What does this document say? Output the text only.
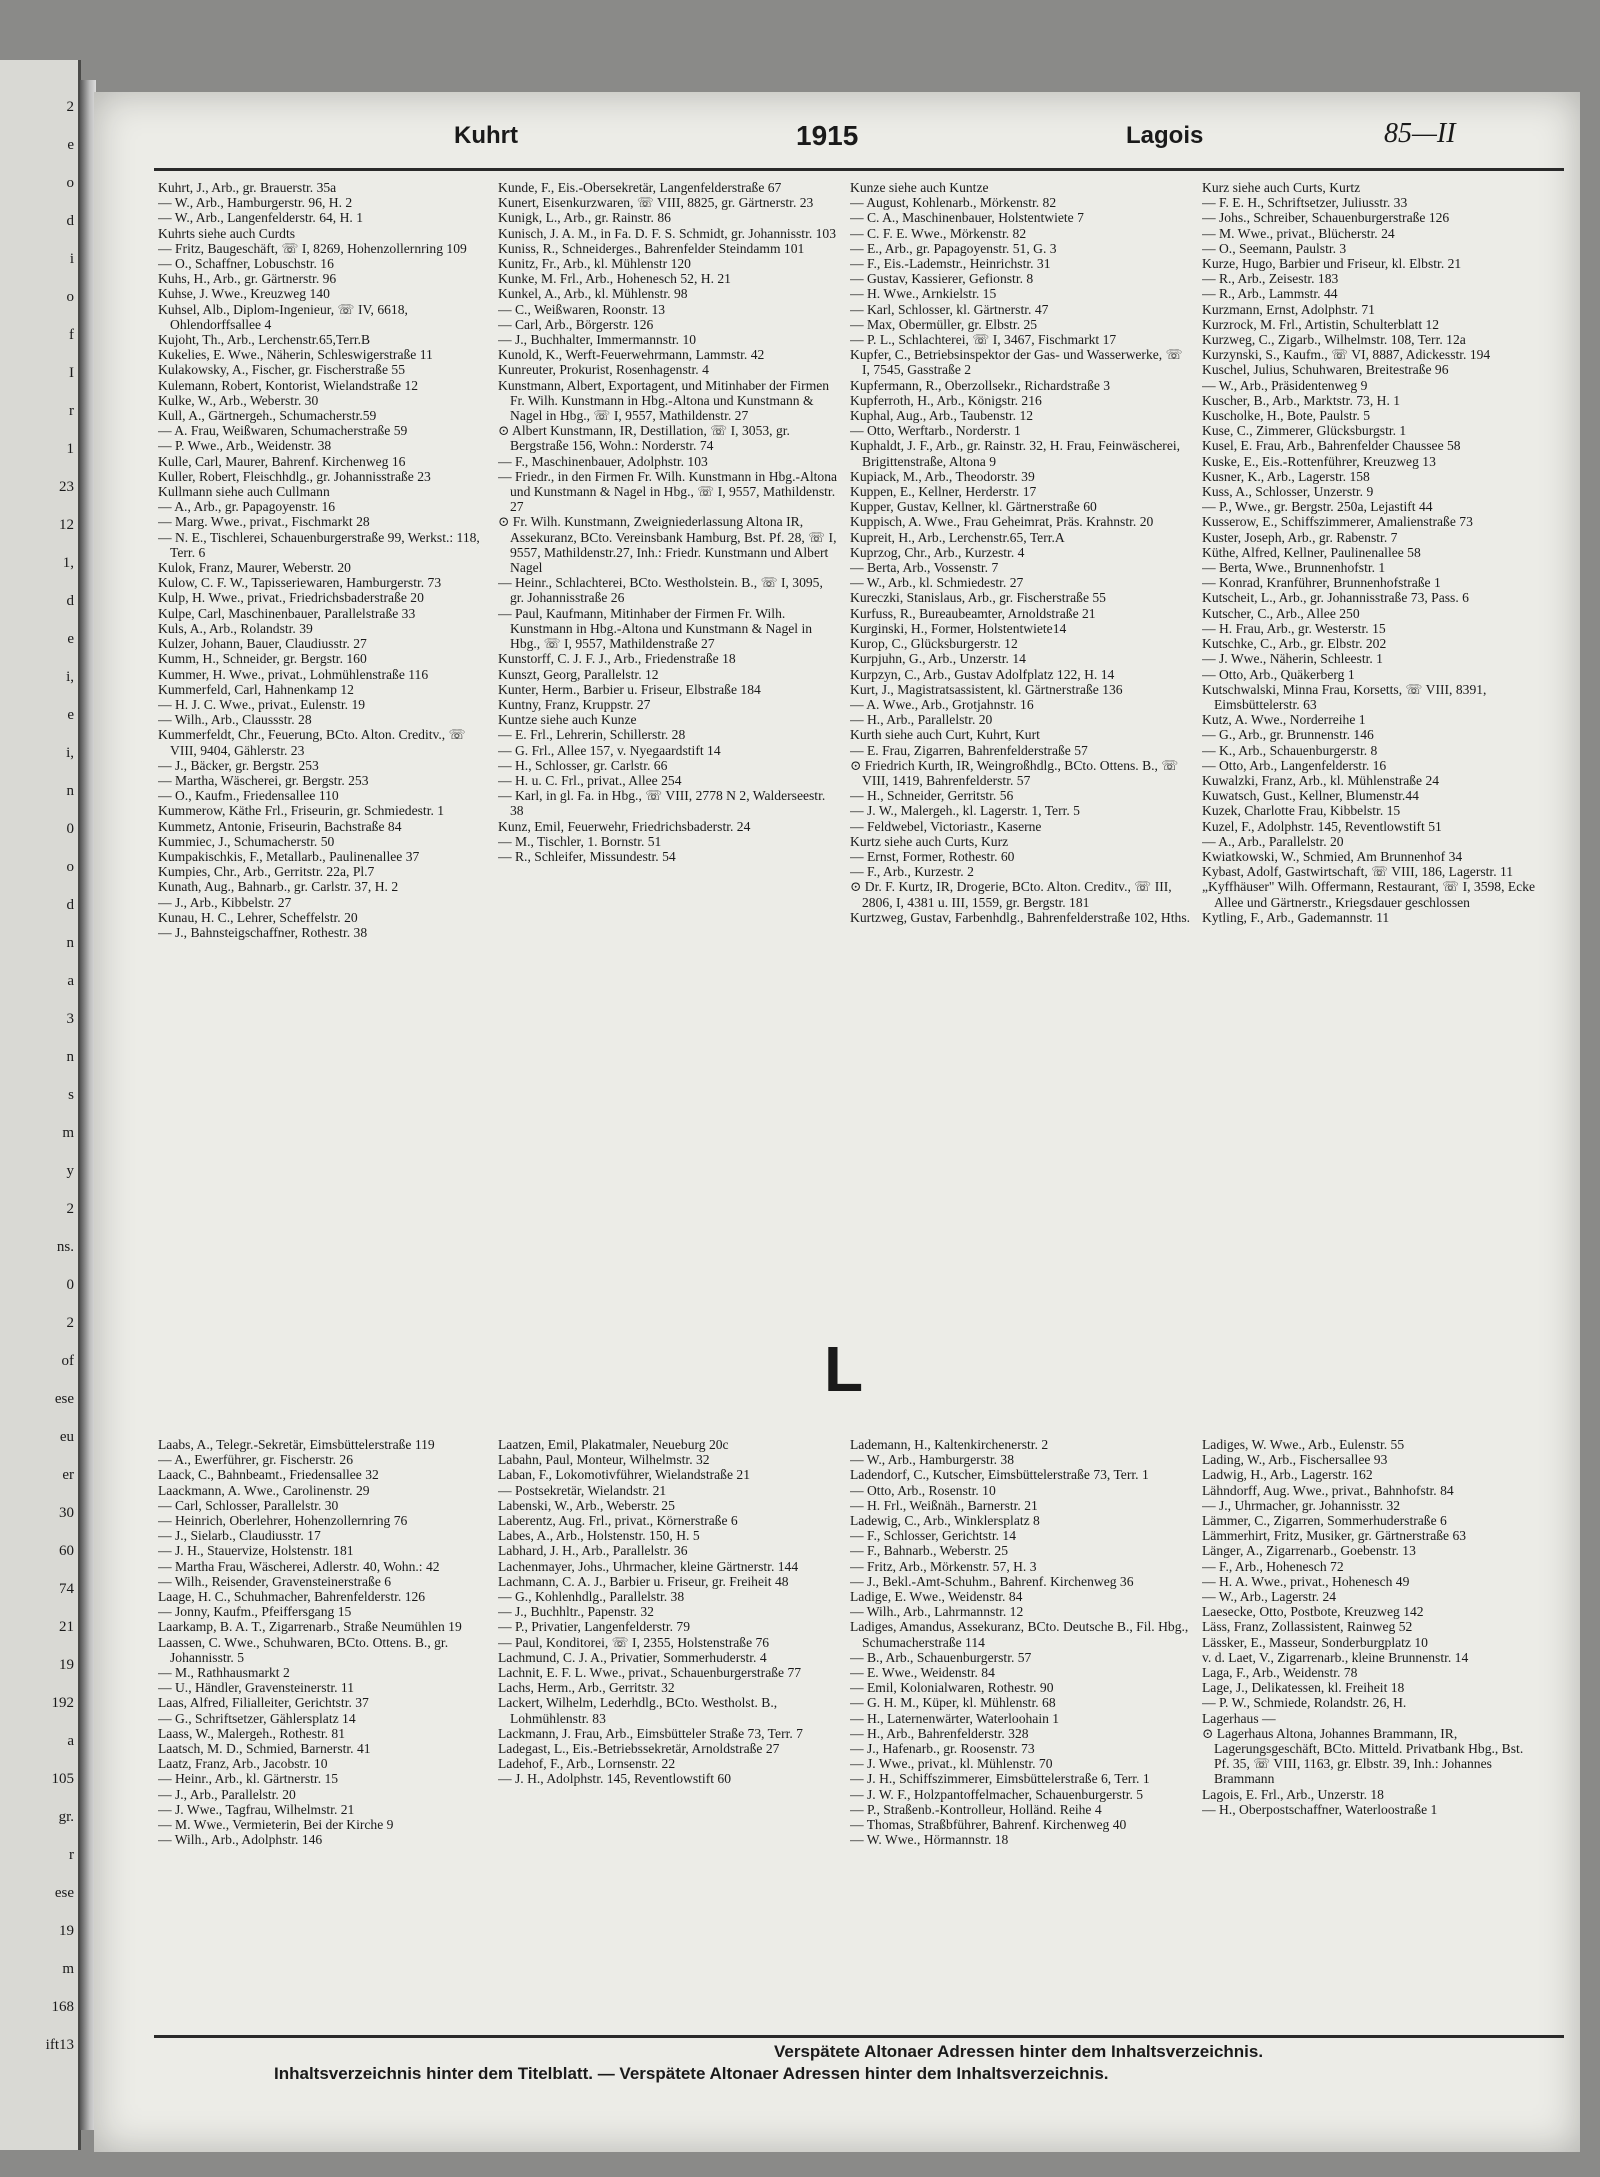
2
e
o
d
i
o
f
I
r
1
23
12
1,
d
e
i,
e
i,
n
0
o
d
n
a
3
n
s
m
y
2
ns.
0
2
of
ese
eu
er
30
60
74
21
19
192
a
105
gr.
r
ese
19
m
168
ift13
Kuhrt	1915	Lagois	85—II
Kuhrt, J., Arb., gr. Brauerstr. 35a
— W., Arb., Hamburgerstr. 96, H. 2
— W., Arb., Langenfelderstr. 64, H. 1
Kuhrts siehe auch Curdts
— Fritz, Baugeschäft, ☏ I, 8269, Hohenzollernring 109
— O., Schaffner, Lobuschstr. 16
Kuhs, H., Arb., gr. Gärtnerstr. 96
Kuhse, J. Wwe., Kreuzweg 140
Kuhsel, Alb., Diplom-Ingenieur, ☏ IV, 6618, Ohlendorffsallee 4
Kujoht, Th., Arb., Lerchenstr.65,Terr.B
Kukelies, E. Wwe., Näherin, Schleswigerstraße 11
Kulakowsky, A., Fischer, gr. Fischerstraße 55
Kulemann, Robert, Kontorist, Wielandstraße 12
Kulke, W., Arb., Weberstr. 30
Kull, A., Gärtnergeh., Schumacherstr.59
— A. Frau, Weißwaren, Schumacherstraße 59
— P. Wwe., Arb., Weidenstr. 38
Kulle, Carl, Maurer, Bahrenf. Kirchenweg 16
Kuller, Robert, Fleischhdlg., gr. Johannisstraße 23
Kullmann siehe auch Cullmann
— A., Arb., gr. Papagoyenstr. 16
— Marg. Wwe., privat., Fischmarkt 28
— N. E., Tischlerei, Schauenburgerstraße 99, Werkst.: 118, Terr. 6
Kulok, Franz, Maurer, Weberstr. 20
Kulow, C. F. W., Tapisseriewaren, Hamburgerstr. 73
Kulp, H. Wwe., privat., Friedrichsbaderstraße 20
Kulpe, Carl, Maschinenbauer, Parallelstraße 33
Kuls, A., Arb., Rolandstr. 39
Kulzer, Johann, Bauer, Claudiusstr. 27
Kumm, H., Schneider, gr. Bergstr. 160
Kummer, H. Wwe., privat., Lohmühlenstraße 116
Kummerfeld, Carl, Hahnenkamp 12
— H. J. C. Wwe., privat., Eulenstr. 19
— Wilh., Arb., Claussstr. 28
Kummerfeldt, Chr., Feuerung, BCto. Alton. Creditv., ☏ VIII, 9404, Gählerstr. 23
— J., Bäcker, gr. Bergstr. 253
— Martha, Wäscherei, gr. Bergstr. 253
— O., Kaufm., Friedensallee 110
Kummerow, Käthe Frl., Friseurin, gr. Schmiedestr. 1
Kummetz, Antonie, Friseurin, Bachstraße 84
Kummiec, J., Schumacherstr. 50
Kumpakischkis, F., Metallarb., Paulinenallee 37
Kumpies, Chr., Arb., Gerritstr. 22a, Pl.7
Kunath, Aug., Bahnarb., gr. Carlstr. 37, H. 2
— J., Arb., Kibbelstr. 27
Kunau, H. C., Lehrer, Scheffelstr. 20
— J., Bahnsteigschaffner, Rothestr. 38
Kunde, F., Eis.-Obersekretär, Langenfelderstraße 67
Kunert, Eisenkurzwaren, ☏ VIII, 8825, gr. Gärtnerstr. 23
Kunigk, L., Arb., gr. Rainstr. 86
Kunisch, J. A. M., in Fa. D. F. S. Schmidt, gr. Johannisstr. 103
Kuniss, R., Schneiderges., Bahrenfelder Steindamm 101
Kunitz, Fr., Arb., kl. Mühlenstr 120
Kunke, M. Frl., Arb., Hohenesch 52, H. 21
Kunkel, A., Arb., kl. Mühlenstr. 98
— C., Weißwaren, Roonstr. 13
— Carl, Arb., Börgerstr. 126
— J., Buchhalter, Immermannstr. 10
Kunold, K., Werft-Feuerwehrmann, Lammstr. 42
Kunreuter, Prokurist, Rosenhagenstr. 4
Kunstmann, Albert, Exportagent, und Mitinhaber der Firmen Fr. Wilh. Kunstmann in Hbg.-Altona und Kunstmann & Nagel in Hbg., ☏ I, 9557, Mathildenstr. 27
⊙ Albert Kunstmann, IR, Destillation, ☏ I, 3053, gr. Bergstraße 156, Wohn.: Norderstr. 74
— F., Maschinenbauer, Adolphstr. 103
— Friedr., in den Firmen Fr. Wilh. Kunstmann in Hbg.-Altona und Kunstmann & Nagel in Hbg., ☏ I, 9557, Mathildenstr. 27
⊙ Fr. Wilh. Kunstmann, Zweigniederlassung Altona IR, Assekuranz, BCto. Vereinsbank Hamburg, Bst. Pf. 28, ☏ I, 9557, Mathildenstr.27, Inh.: Friedr. Kunstmann und Albert Nagel
— Heinr., Schlachterei, BCto. Westholstein. B., ☏ I, 3095, gr. Johannisstraße 26
— Paul, Kaufmann, Mitinhaber der Firmen Fr. Wilh. Kunstmann in Hbg.-Altona und Kunstmann & Nagel in Hbg., ☏ I, 9557, Mathildenstraße 27
Kunstorff, C. J. F. J., Arb., Friedenstraße 18
Kunszt, Georg, Parallelstr. 12
Kunter, Herm., Barbier u. Friseur, Elbstraße 184
Kuntny, Franz, Kruppstr. 27
Kuntze siehe auch Kunze
— E. Frl., Lehrerin, Schillerstr. 28
— G. Frl., Allee 157, v. Nyegaardstift 14
— H., Schlosser, gr. Carlstr. 66
— H. u. C. Frl., privat., Allee 254
— Karl, in gl. Fa. in Hbg., ☏ VIII, 2778 N 2, Walderseestr. 38
Kunz, Emil, Feuerwehr, Friedrichsbaderstr. 24
— M., Tischler, 1. Bornstr. 51
— R., Schleifer, Missundestr. 54
Kunze siehe auch Kuntze
— August, Kohlenarb., Mörkenstr. 82
— C. A., Maschinenbauer, Holstentwiete 7
— C. F. E. Wwe., Mörkenstr. 82
— E., Arb., gr. Papagoyenstr. 51, G. 3
— F., Eis.-Lademstr., Heinrichstr. 31
— Gustav, Kassierer, Gefionstr. 8
— H. Wwe., Arnkielstr. 15
— Karl, Schlosser, kl. Gärtnerstr. 47
— Max, Obermüller, gr. Elbstr. 25
— P. L., Schlachterei, ☏ I, 3467, Fischmarkt 17
Kupfer, C., Betriebsinspektor der Gas- und Wasserwerke, ☏ I, 7545, Gasstraße 2
Kupfermann, R., Oberzollsekr., Richardstraße 3
Kupferroth, H., Arb., Königstr. 216
Kuphal, Aug., Arb., Taubenstr. 12
— Otto, Werftarb., Norderstr. 1
Kuphaldt, J. F., Arb., gr. Rainstr. 32, H. Frau, Feinwäscherei, Brigittenstraße, Altona 9
Kupiack, M., Arb., Theodorstr. 39
Kuppen, E., Kellner, Herderstr. 17
Kupper, Gustav, Kellner, kl. Gärtnerstraße 60
Kuppisch, A. Wwe., Frau Geheimrat, Präs. Krahnstr. 20
Kupreit, H., Arb., Lerchenstr.65, Terr.A
Kuprzog, Chr., Arb., Kurzestr. 4
— Berta, Arb., Vossenstr. 7
— W., Arb., kl. Schmiedestr. 27
Kureczki, Stanislaus, Arb., gr. Fischerstraße 55
Kurfuss, R., Bureaubeamter, Arnoldstraße 21
Kurginski, H., Former, Holstentwiete14
Kurop, C., Glücksburgerstr. 12
Kurpjuhn, G., Arb., Unzerstr. 14
Kurpzyn, C., Arb., Gustav Adolfplatz 122, H. 14
Kurt, J., Magistratsassistent, kl. Gärtnerstraße 136
— A. Wwe., Arb., Grotjahnstr. 16
— H., Arb., Parallelstr. 20
Kurth siehe auch Curt, Kuhrt, Kurt
— E. Frau, Zigarren, Bahrenfelderstraße 57
⊙ Friedrich Kurth, IR, Weingroßhdlg., BCto. Ottens. B., ☏ VIII, 1419, Bahrenfelderstr. 57
— H., Schneider, Gerritstr. 56
— J. W., Malergeh., kl. Lagerstr. 1, Terr. 5
— Feldwebel, Victoriastr., Kaserne
Kurtz siehe auch Curts, Kurz
— Ernst, Former, Rothestr. 60
— F., Arb., Kurzestr. 2
⊙ Dr. F. Kurtz, IR, Drogerie, BCto. Alton. Creditv., ☏ III, 2806, I, 4381 u. III, 1559, gr. Bergstr. 181
Kurtzweg, Gustav, Farbenhdlg., Bahrenfelderstraße 102, Hths.
Kurz siehe auch Curts, Kurtz
— F. E. H., Schriftsetzer, Juliusstr. 33
— Johs., Schreiber, Schauenburgerstraße 126
— M. Wwe., privat., Blücherstr. 24
— O., Seemann, Paulstr. 3
Kurze, Hugo, Barbier und Friseur, kl. Elbstr. 21
— R., Arb., Zeisestr. 183
— R., Arb., Lammstr. 44
Kurzmann, Ernst, Adolphstr. 71
Kurzrock, M. Frl., Artistin, Schulterblatt 12
Kurzweg, C., Zigarb., Wilhelmstr. 108, Terr. 12a
Kurzynski, S., Kaufm., ☏ VI, 8887, Adickesstr. 194
Kuschel, Julius, Schuhwaren, Breitestraße 96
— W., Arb., Präsidentenweg 9
Kuscher, B., Arb., Marktstr. 73, H. 1
Kuscholke, H., Bote, Paulstr. 5
Kuse, C., Zimmerer, Glücksburgstr. 1
Kusel, E. Frau, Arb., Bahrenfelder Chaussee 58
Kuske, E., Eis.-Rottenführer, Kreuzweg 13
Kusner, K., Arb., Lagerstr. 158
Kuss, A., Schlosser, Unzerstr. 9
— P., Wwe., gr. Bergstr. 250a, Lejastift 44
Kusserow, E., Schiffszimmerer, Amalienstraße 73
Kuster, Joseph, Arb., gr. Rabenstr. 7
Küthe, Alfred, Kellner, Paulinenallee 58
— Berta, Wwe., Brunnenhofstr. 1
— Konrad, Kranführer, Brunnenhofstraße 1
Kutscheit, L., Arb., gr. Johannisstraße 73, Pass. 6
Kutscher, C., Arb., Allee 250
— H. Frau, Arb., gr. Westerstr. 15
Kutschke, C., Arb., gr. Elbstr. 202
— J. Wwe., Näherin, Schleestr. 1
— Otto, Arb., Quäkerberg 1
Kutschwalski, Minna Frau, Korsetts, ☏ VIII, 8391, Eimsbüttelerstr. 63
Kutz, A. Wwe., Norderreihe 1
— G., Arb., gr. Brunnenstr. 146
— K., Arb., Schauenburgerstr. 8
— Otto, Arb., Langenfelderstr. 16
Kuwalzki, Franz, Arb., kl. Mühlenstraße 24
Kuwatsch, Gust., Kellner, Blumenstr.44
Kuzek, Charlotte Frau, Kibbelstr. 15
Kuzel, F., Adolphstr. 145, Reventlowstift 51
— A., Arb., Parallelstr. 20
Kwiatkowski, W., Schmied, Am Brunnenhof 34
Kybast, Adolf, Gastwirtschaft, ☏ VIII, 186, Lagerstr. 11
„Kyffhäuser" Wilh. Offermann, Restaurant, ☏ I, 3598, Ecke Allee und Gärtnerstr., Kriegsdauer geschlossen
Kytling, F., Arb., Gademannstr. 11
L
Laabs, A., Telegr.-Sekretär, Eimsbüttelerstraße 119
— A., Ewerführer, gr. Fischerstr. 26
Laack, C., Bahnbeamt., Friedensallee 32
Laackmann, A. Wwe., Carolinenstr. 29
— Carl, Schlosser, Parallelstr. 30
— Heinrich, Oberlehrer, Hohenzollernring 76
— J., Sielarb., Claudiusstr. 17
— J. H., Stauervize, Holstenstr. 181
— Martha Frau, Wäscherei, Adlerstr. 40, Wohn.: 42
— Wilh., Reisender, Gravensteinerstraße 6
Laage, H. C., Schuhmacher, Bahrenfelderstr. 126
— Jonny, Kaufm., Pfeiffersgang 15
Laarkamp, B. A. T., Zigarrenarb., Straße Neumühlen 19
Laassen, C. Wwe., Schuhwaren, BCto. Ottens. B., gr. Johannisstr. 5
— M., Rathhausmarkt 2
— U., Händler, Gravensteinerstr. 11
Laas, Alfred, Filialleiter, Gerichtstr. 37
— G., Schriftsetzer, Gählersplatz 14
Laass, W., Malergeh., Rothestr. 81
Laatsch, M. D., Schmied, Barnerstr. 41
Laatz, Franz, Arb., Jacobstr. 10
— Heinr., Arb., kl. Gärtnerstr. 15
— J., Arb., Parallelstr. 20
— J. Wwe., Tagfrau, Wilhelmstr. 21
— M. Wwe., Vermieterin, Bei der Kirche 9
— Wilh., Arb., Adolphstr. 146
Laatzen, Emil, Plakatmaler, Neueburg 20c
Labahn, Paul, Monteur, Wilhelmstr. 32
Laban, F., Lokomotivführer, Wielandstraße 21
— Postsekretär, Wielandstr. 21
Labenski, W., Arb., Weberstr. 25
Laberentz, Aug. Frl., privat., Körnerstraße 6
Labes, A., Arb., Holstenstr. 150, H. 5
Labhard, J. H., Arb., Parallelstr. 36
Lachenmayer, Johs., Uhrmacher, kleine Gärtnerstr. 144
Lachmann, C. A. J., Barbier u. Friseur, gr. Freiheit 48
— G., Kohlenhdlg., Parallelstr. 38
— J., Buchhltr., Papenstr. 32
— P., Privatier, Langenfelderstr. 79
— Paul, Konditorei, ☏ I, 2355, Holstenstraße 76
Lachmund, C. J. A., Privatier, Sommerhuderstr. 4
Lachnit, E. F. L. Wwe., privat., Schauenburgerstraße 77
Lachs, Herm., Arb., Gerritstr. 32
Lackert, Wilhelm, Lederhdlg., BCto. Westholst. B., Lohmühlenstr. 83
Lackmann, J. Frau, Arb., Eimsbütteler Straße 73, Terr. 7
Ladegast, L., Eis.-Betriebssekretär, Arnoldstraße 27
Ladehof, F., Arb., Lornsenstr. 22
— J. H., Adolphstr. 145, Reventlowstift 60
Lademann, H., Kaltenkirchenerstr. 2
— W., Arb., Hamburgerstr. 38
Ladendorf, C., Kutscher, Eimsbüttelerstraße 73, Terr. 1
— Otto, Arb., Rosenstr. 10
— H. Frl., Weißnäh., Barnerstr. 21
Ladewig, C., Arb., Winklersplatz 8
— F., Schlosser, Gerichtstr. 14
— F., Bahnarb., Weberstr. 25
— Fritz, Arb., Mörkenstr. 57, H. 3
— J., Bekl.-Amt-Schuhm., Bahrenf. Kirchenweg 36
Ladige, E. Wwe., Weidenstr. 84
— Wilh., Arb., Lahrmannstr. 12
Ladiges, Amandus, Assekuranz, BCto. Deutsche B., Fil. Hbg., Schumacherstraße 114
— B., Arb., Schauenburgerstr. 57
— E. Wwe., Weidenstr. 84
— Emil, Kolonialwaren, Rothestr. 90
— G. H. M., Küper, kl. Mühlenstr. 68
— H., Laternenwärter, Waterloohain 1
— H., Arb., Bahrenfelderstr. 328
— J., Hafenarb., gr. Roosenstr. 73
— J. Wwe., privat., kl. Mühlenstr. 70
— J. H., Schiffszimmerer, Eimsbüttelerstraße 6, Terr. 1
— J. W. F., Holzpantoffelmacher, Schauenburgerstr. 5
— P., Straßenb.-Kontrolleur, Holländ. Reihe 4
— Thomas, Straßbführer, Bahrenf. Kirchenweg 40
— W. Wwe., Hörmannstr. 18
Ladiges, W. Wwe., Arb., Eulenstr. 55
Lading, W., Arb., Fischersallee 93
Ladwig, H., Arb., Lagerstr. 162
Lähndorff, Aug. Wwe., privat., Bahnhofstr. 84
— J., Uhrmacher, gr. Johannisstr. 32
Lämmer, C., Zigarren, Sommerhuderstraße 6
Lämmerhirt, Fritz, Musiker, gr. Gärtnerstraße 63
Länger, A., Zigarrenarb., Goebenstr. 13
— F., Arb., Hohenesch 72
— H. A. Wwe., privat., Hohenesch 49
— W., Arb., Lagerstr. 24
Laesecke, Otto, Postbote, Kreuzweg 142
Läss, Franz, Zollassistent, Rainweg 52
Lässker, E., Masseur, Sonderburgplatz 10
v. d. Laet, V., Zigarrenarb., kleine Brunnenstr. 14
Laga, F., Arb., Weidenstr. 78
Lage, J., Delikatessen, kl. Freiheit 18
— P. W., Schmiede, Rolandstr. 26, H.
Lagerhaus —
⊙ Lagerhaus Altona, Johannes Brammann, IR, Lagerungsgeschäft, BCto. Mitteld. Privatbank Hbg., Bst. Pf. 35, ☏ VIII, 1163, gr. Elbstr. 39, Inh.: Johannes Brammann
Lagois, E. Frl., Arb., Unzerstr. 18
— H., Oberpostschaffner, Waterloostraße 1
Verspätete Altonaer Adressen hinter dem Inhaltsverzeichnis.
Inhaltsverzeichnis hinter dem Titelblatt. — Verspätete Altonaer Adressen hinter dem Inhaltsverzeichnis.
